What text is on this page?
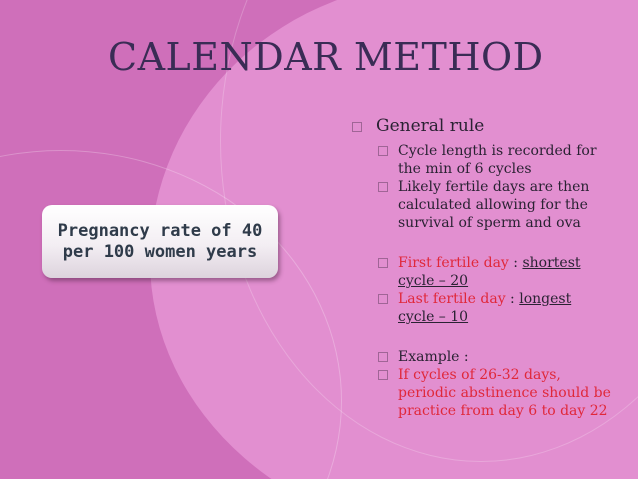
CALENDAR METHOD
Pregnancy rate of 40
per 100 women years
General rule
Cycle length is recorded for the min of 6 cycles
Likely fertile days are then calculated allowing for the survival of sperm and ova
First fertile day : shortest
cycle – 20
Last fertile day : longest
cycle – 10
Example :
If cycles of 26-32 days, periodic abstinence should be practice from day 6 to day 22
